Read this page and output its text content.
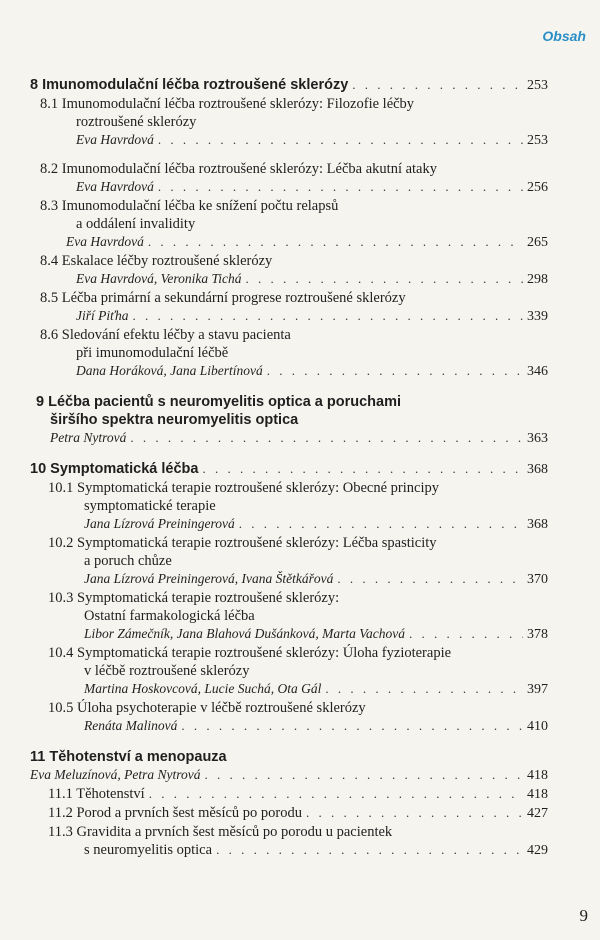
Obsah
8 Imunomodulační léčba roztroušené sklerózy . . .	253
8.1 Imunomodulační léčba roztroušené sklerózy: Filozofie léčby
roztroušené sklerózy
Eva Havrdová . . .	253
8.2 Imunomodulační léčba roztroušené sklerózy: Léčba akutní ataky
Eva Havrdová . . .	256
8.3 Imunomodulační léčba ke snížení počtu relapsů
a oddálení invalidity
Eva Havrdová . . .	265
8.4 Eskalace léčby roztroušené sklerózy
Eva Havrdová, Veronika Tichá . . .	298
8.5 Léčba primární a sekundární progrese roztroušené sklerózy
Jiří Piťha . . .	339
8.6 Sledování efektu léčby a stavu pacienta
při imunomodulační léčbě
Dana Horáková, Jana Libertínová . . .	346
9 Léčba pacientů s neuromyelitis optica a poruchami
širšího spektra neuromyelitis optica
Petra Nytrová . . .	363
10 Symptomatická léčba . . .	368
10.1 Symptomatická terapie roztroušené sklerózy: Obecné principy
symptomatické terapie
Jana Lízrová Preiningerová . . .	368
10.2 Symptomatická terapie roztroušené sklerózy: Léčba spasticity
a poruch chůze
Jana Lízrová Preiningerová, Ivana Štětkářová . . .	370
10.3 Symptomatická terapie roztroušené sklerózy:
Ostatní farmakologická léčba
Libor Zámečník, Jana Blahová Dušánková, Marta Vachová . . .	378
10.4 Symptomatická terapie roztroušené sklerózy: Úloha fyzioterapie
v léčbě roztroušené sklerózy
Martina Hoskovcová, Lucie Suchá, Ota Gál . . .	397
10.5 Úloha psychoterapie v léčbě roztroušené sklerózy
Renáta Malinová . . .	410
11 Těhotenství a menopauza
Eva Meluzínová, Petra Nytrová . . .	418
11.1 Těhotenství . . .	418
11.2 Porod a prvních šest měsíců po porodu . . .	427
11.3 Gravidita a prvních šest měsíců po porodu u pacientek
s neuromyelitis optica . . .	429
9
